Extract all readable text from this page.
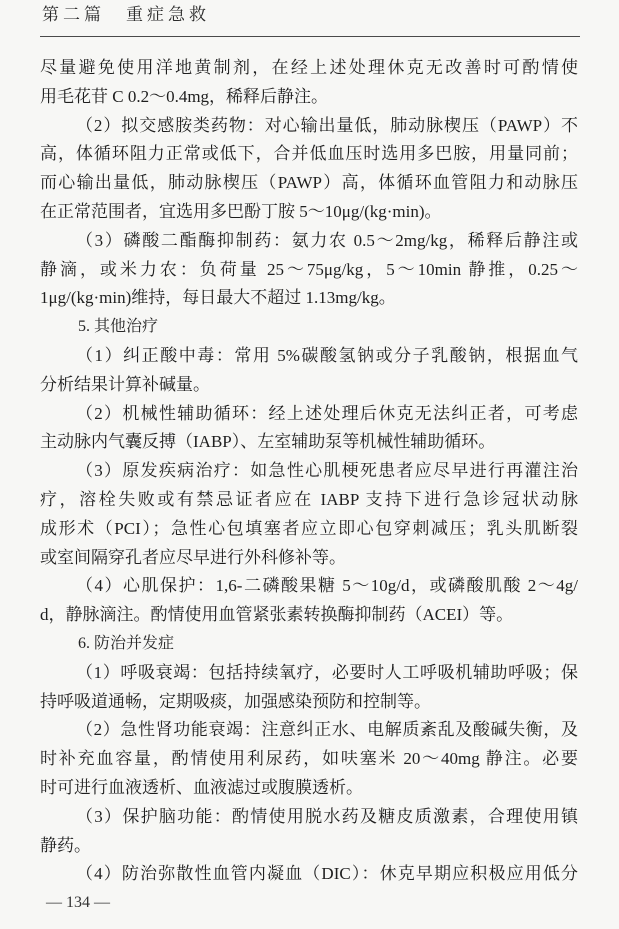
第二篇　重症急救
尽量避免使用洋地黄制剂，在经上述处理休克无改善时可酌情使
用毛花苷 C 0.2～0.4mg，稀释后静注。
（2）拟交感胺类药物：对心输出量低，肺动脉楔压（PAWP）不
高，体循环阻力正常或低下，合并低血压时选用多巴胺，用量同前；
而心输出量低，肺动脉楔压（PAWP）高，体循环血管阻力和动脉压
在正常范围者，宜选用多巴酚丁胺 5～10μg/(kg·min)。
（3）磷酸二酯酶抑制药：氨力农 0.5～2mg/kg，稀释后静注或
静滴，或米力农：负荷量 25～75μg/kg，5～10min 静推，0.25～
1μg/(kg·min)维持，每日最大不超过 1.13mg/kg。
5. 其他治疗
（1）纠正酸中毒：常用 5%碳酸氢钠或分子乳酸钠，根据血气
分析结果计算补碱量。
（2）机械性辅助循环：经上述处理后休克无法纠正者，可考虑
主动脉内气囊反搏（IABP）、左室辅助泵等机械性辅助循环。
（3）原发疾病治疗：如急性心肌梗死患者应尽早进行再灌注治
疗，溶栓失败或有禁忌证者应在 IABP 支持下进行急诊冠状动脉
成形术（PCI）；急性心包填塞者应立即心包穿刺减压；乳头肌断裂
或室间隔穿孔者应尽早进行外科修补等。
（4）心肌保护：1,6-二磷酸果糖 5～10g/d，或磷酸肌酸 2～4g/
d，静脉滴注。酌情使用血管紧张素转换酶抑制药（ACEI）等。
6. 防治并发症
（1）呼吸衰竭：包括持续氧疗，必要时人工呼吸机辅助呼吸；保
持呼吸道通畅，定期吸痰，加强感染预防和控制等。
（2）急性肾功能衰竭：注意纠正水、电解质紊乱及酸碱失衡，及
时补充血容量，酌情使用利尿药，如呋塞米 20～40mg 静注。必要
时可进行血液透析、血液滤过或腹膜透析。
（3）保护脑功能：酌情使用脱水药及糖皮质激素，合理使用镇
静药。
（4）防治弥散性血管内凝血（DIC）：休克早期应积极应用低分
— 134 —
